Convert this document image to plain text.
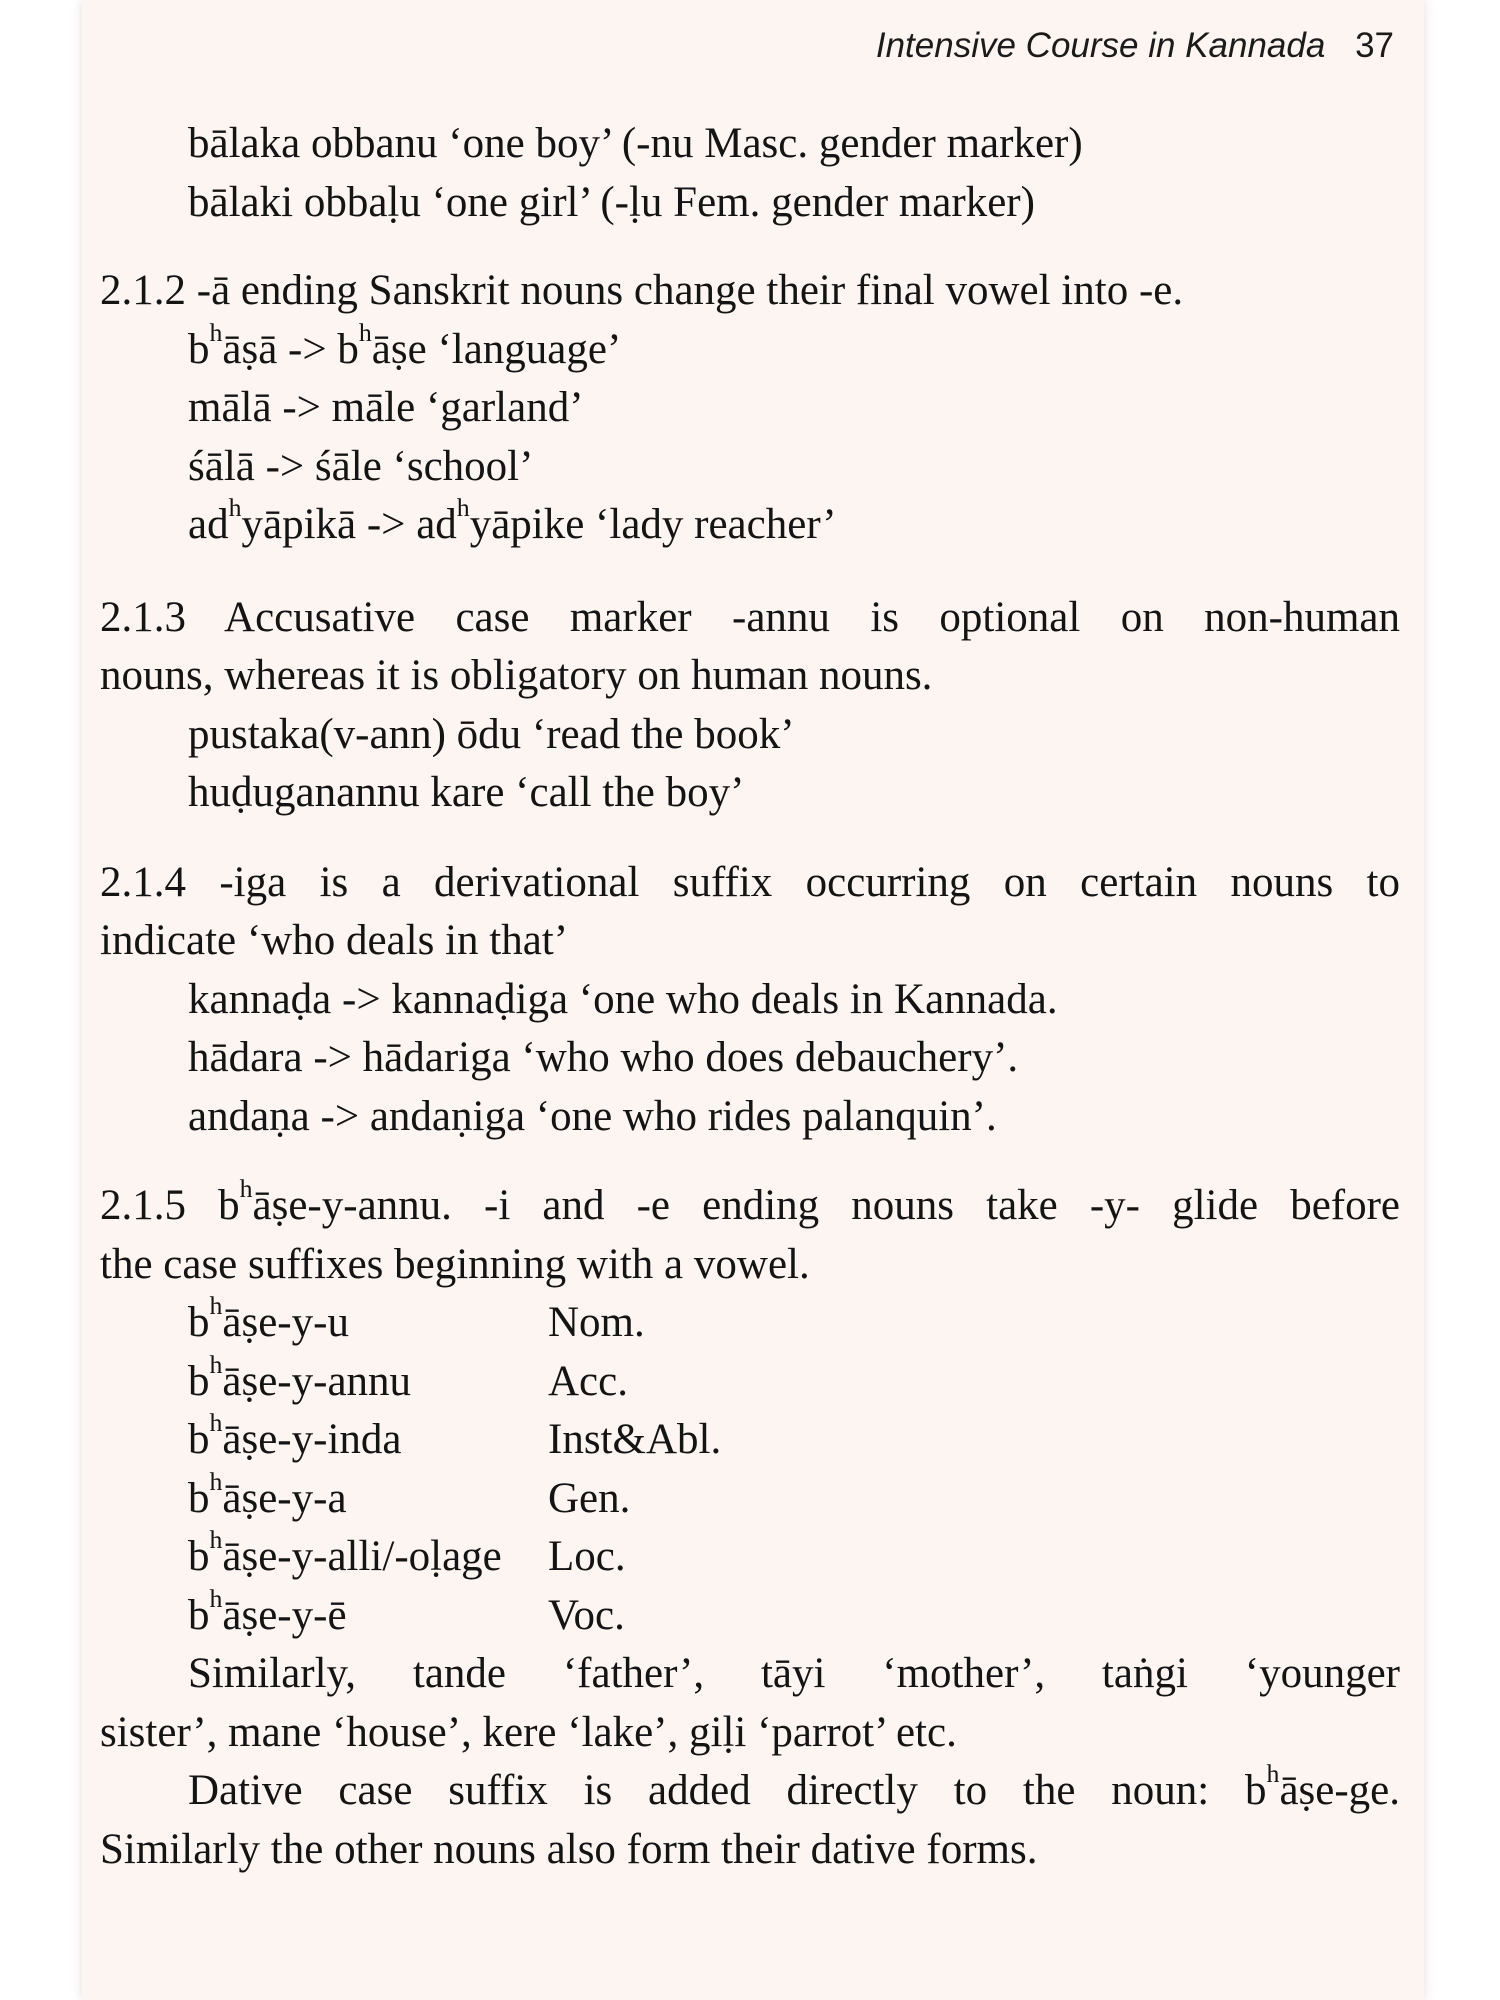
Intensive Course in Kannada 37
bālaka obbanu ‘one boy’ (-nu Masc. gender marker)
bālaki obbaḷu ‘one girl’ (-ḷu Fem. gender marker)
2.1.2 -ā ending Sanskrit nouns change their final vowel into -e.
$b^hāṣā$ -> $b^hāṣe$ ‘language’
mālā -> māle ‘garland’
śālā -> śāle ‘school’
$ad^hyāpikā$ -> $ad^hyāpike$ ‘lady reacher’
2.1.3 Accusative case marker -annu is optional on non-human
nouns, whereas it is obligatory on human nouns.
pustaka(v-ann) ōdu ‘read the book’
huḍuganannu kare ‘call the boy’
2.1.4 -iga is a derivational suffix occurring on certain nouns to
indicate ‘who deals in that’
kannaḍa -> kannaḍiga ‘one who deals in Kannada.
hādara -> hādariga ‘who who does debauchery’.
andaṇa -> andaṇiga ‘one who rides palanquin’.
2.1.5 $b^hāṣe-y$-annu. -i and -e ending nouns take -y- glide before
the case suffixes beginning with a vowel.
$b^hāṣe-y-u$	Nom.
$b^hāṣe-y$-annu	Acc.
$b^hāṣe-y$-inda	Inst&Abl.
$b^hāṣe-y-a$	Gen.
$b^hāṣe-y-alli/$-oḷage	Loc.
$b^hāṣe-y-ē$	Voc.
Similarly, tande ‘father’, tāyi ‘mother’, taṅgi ‘younger
sister’, mane ‘house’, kere ‘lake’, giḷi ‘parrot’ etc.
Dative case suffix is added directly to the noun: $b^hāṣe-ge$.
Similarly the other nouns also form their dative forms.
